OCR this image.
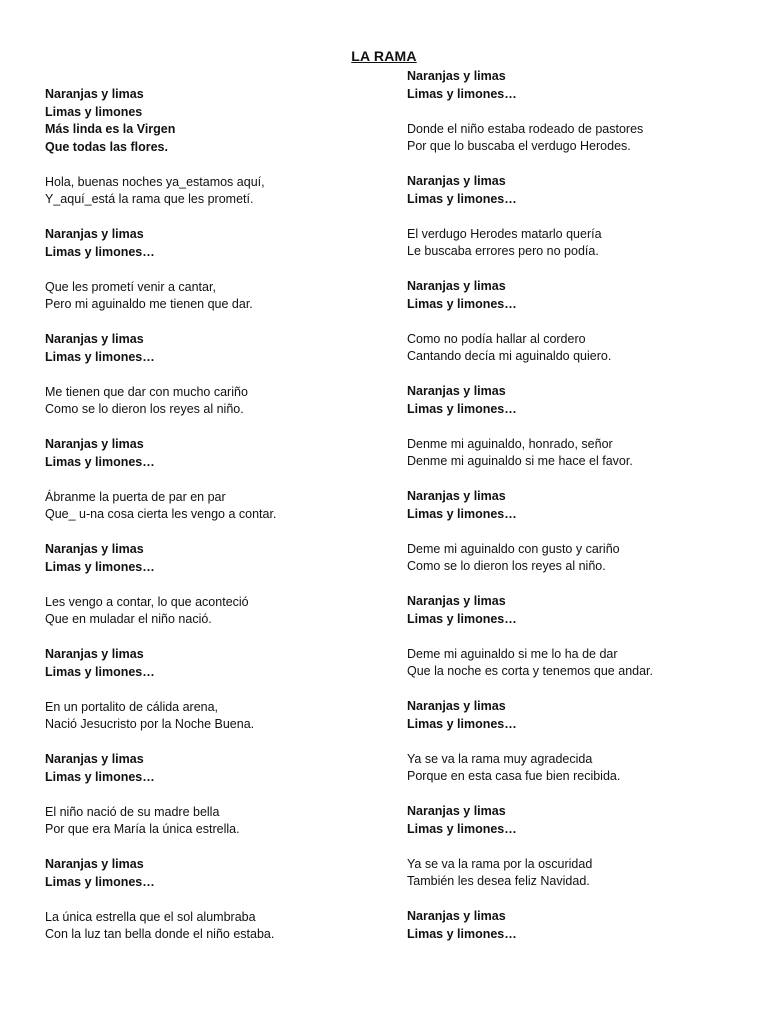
LA RAMA
Naranjas y limas
Limas y limones
Más linda es la Virgen
Que todas las flores.
Hola, buenas noches ya_estamos aquí,
Y_aquí_está la rama que les prometí.
Naranjas y limas
Limas y limones…
Que les prometí venir a cantar,
Pero mi aguinaldo me tienen que dar.
Naranjas y limas
Limas y limones…
Me tienen que dar con mucho cariño
Como se lo dieron los reyes al niño.
Naranjas y limas
Limas y limones…
Ábranme la puerta de par en par
Que_ u-na cosa cierta les vengo a contar.
Naranjas y limas
Limas y limones…
Les vengo a contar, lo que aconteció
Que en muladar el niño nació.
Naranjas y limas
Limas y limones…
En un portalito de cálida arena,
Nació Jesucristo por la Noche Buena.
Naranjas y limas
Limas y limones…
El niño nació de su madre bella
Por que era María la única estrella.
Naranjas y limas
Limas y limones…
La única estrella que el sol alumbraba
Con la luz tan bella donde el niño estaba.
Naranjas y limas
Limas y limones…
Donde el niño estaba rodeado de pastores
Por que lo buscaba el verdugo Herodes.
Naranjas y limas
Limas y limones…
El verdugo Herodes matarlo quería
Le buscaba errores pero no podía.
Naranjas y limas
Limas y limones…
Como no podía hallar al cordero
Cantando decía mi aguinaldo quiero.
Naranjas y limas
Limas y limones…
Denme mi aguinaldo, honrado, señor
Denme mi aguinaldo si me hace el favor.
Naranjas y limas
Limas y limones…
Deme mi aguinaldo con gusto y cariño
Como se lo dieron los reyes al niño.
Naranjas y limas
Limas y limones…
Deme mi aguinaldo si me lo ha de dar
Que la noche es corta y tenemos que andar.
Naranjas y limas
Limas y limones…
Ya se va la rama muy agradecida
Porque en esta casa fue bien recibida.
Naranjas y limas
Limas y limones…
Ya se va la rama por la oscuridad
También les desea feliz Navidad.
Naranjas y limas
Limas y limones…
